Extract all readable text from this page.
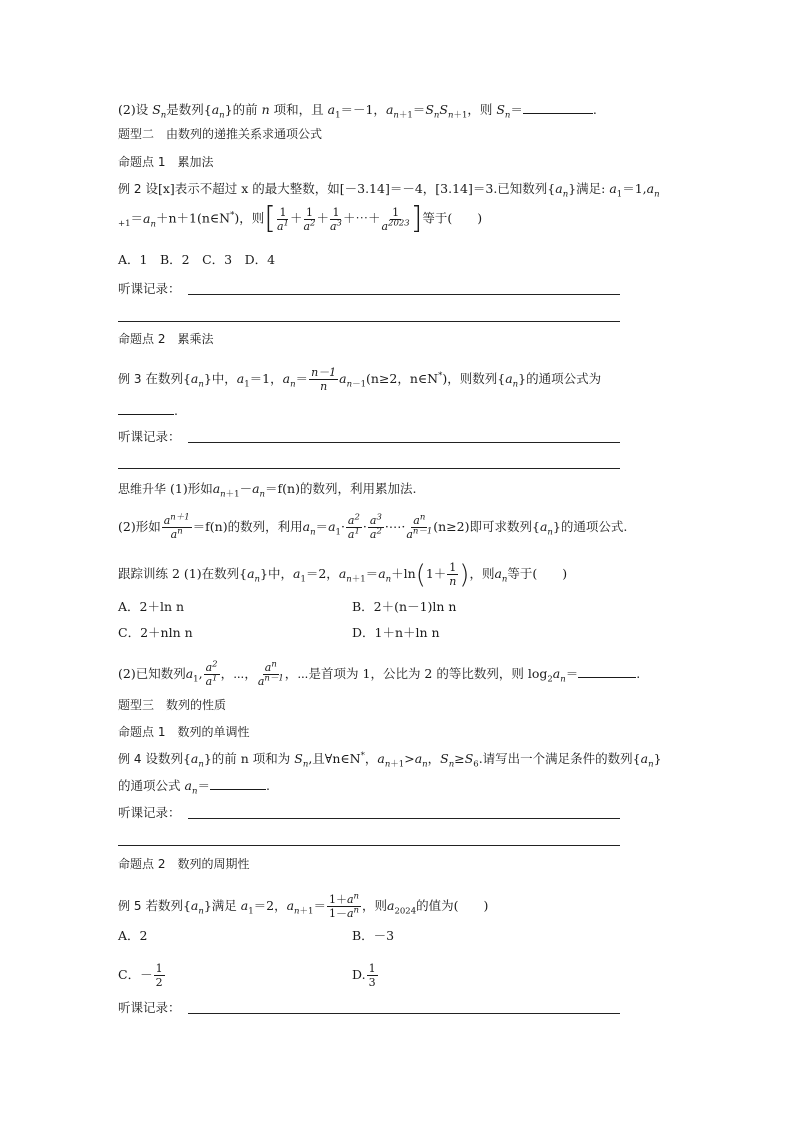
(2)设 $S_n$是数列$\{a_n\}$的前 n 项和，且 $a_1=-1$，$a_{n+1}=S_nS_{n+1}$，则 $S_n=$	.
题型二　由数列的递推关系求通项公式
命题点 1　累加法
例 2 设[x]表示不超过 x 的最大整数，如[－3.14]＝－4，[3.14]＝3.已知数列$\{a_n\}$满足: $a_1=1,a_n$
$_{+1}=a_n+n+1(n\in N^*)$，则[ $\frac{1}{a^1} + \frac{1}{a^2} + \frac{1}{a^3}$ ＋⋯＋ $\frac{1}{a^{2023}}$ ]等于(　　)
A．1　B．2　C．3　D．4
听课记录：
命题点 2　累乘法
例 3 在数列$\{a_n\}$中，$a_1=1$，$a_n= \frac{n-1}{n} a_{n-1}(n\ge 2$，n∈N*)，则数列$\{a_n\}$的通项公式为
.
听课记录：
思维升华 (1)形如$a_{n+1}-a_n=f(n)$的数列，利用累加法.
(2)形如 $\frac{a^{n+1}}{a^n} =f(n)$的数列，利用$a_n=a_1\cdot \frac{a^2}{a^1} \cdot \frac{a^3}{a^2}$ ·⋯· $\frac{a^n}{a^{n-1}} (n\ge 2)$即可求数列$\{a_n\}$的通项公式.
跟踪训练 2 (1)在数列$\{a_n\}$中，$a_1=2$，$a_{n+1}=a_n+\ln(1+ \frac{1}{n}$ )，则$a_n$等于(　　)
A．2＋ln n	B．2＋(n－1)ln n
C．2＋nln n	D．1＋n＋ln n
(2)已知数列$a_1$, $\frac{a^2}{a^1}$ ，⋯， $\frac{a^n}{a^{n-1}}$ ，⋯是首项为 1，公比为 2 的等比数列，则 $\log_2a_n=$	.
题型三　数列的性质
命题点 1　数列的单调性
例 4 设数列$\{a_n\}$的前 n 项和为 $S_n$,且∀n∈N*，$a_{n+1}>a_n$，$S_n\ge S_6$.请写出一个满足条件的数列$\{a_n\}$
的通项公式 $a_n=$	.
听课记录：
命题点 2　数列的周期性
例 5 若数列$\{a_n\}$满足 $a_1=2$，$a_{n+1}= \frac{1+a^n}{1-a^n}$ ，则$a_{2024}$的值为(　　)
A．2	B．－3
C．－ $\frac{1}{2}$	D. $\frac{1}{3}$
听课记录：
